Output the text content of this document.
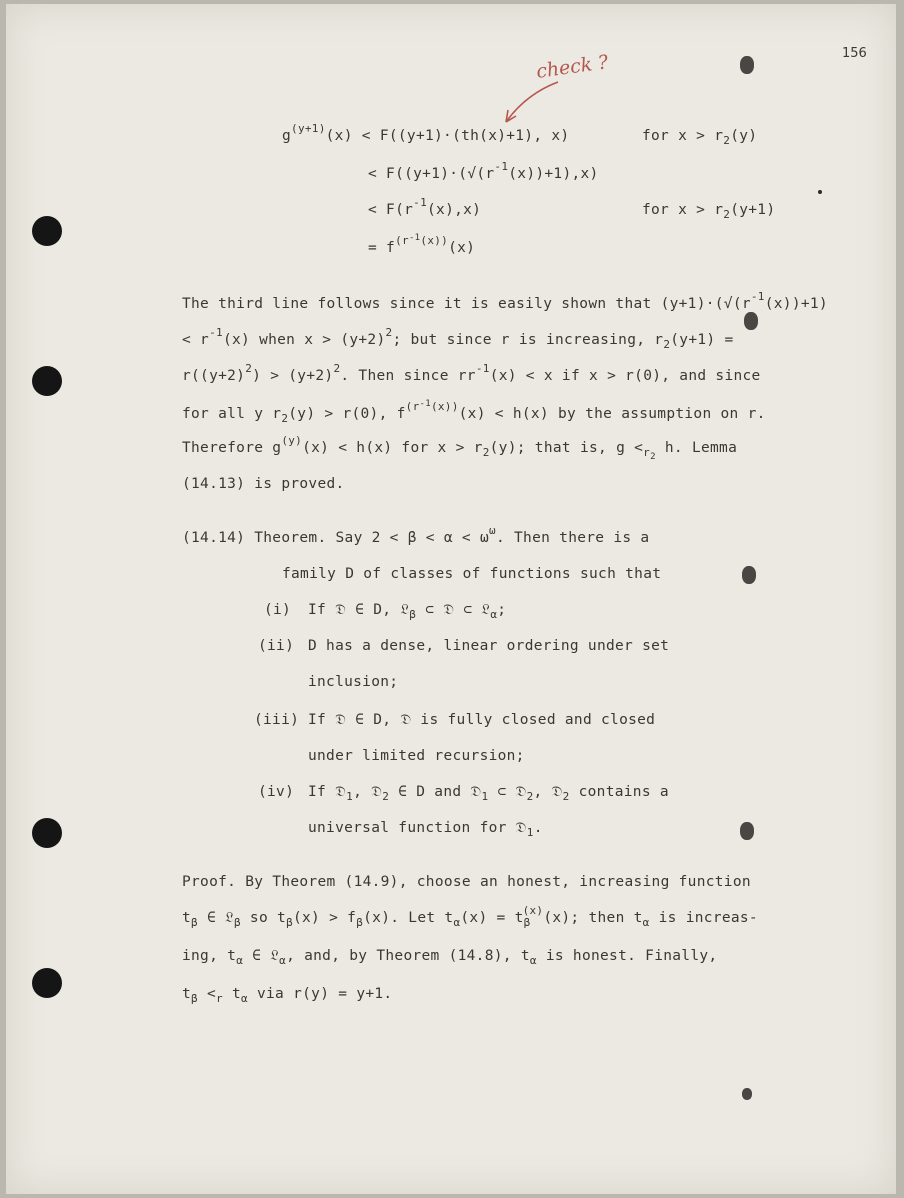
156
check ?
$g^{(y+1)}(x) < F((y+1)\cdot(th(x)+1)$, x)	for $x > r_2(y)$
< $F((y+1)\cdot(√(r^{-1}(x))+1),x)$
< $F(r^{-1}(x),x)$	for $x > r_2(y+1)$
= $f^{(r^{-1}(x))}(x)$
The third line follows since it is easily shown that $(y+1)\cdot(√(r^{-1}(x))+1)$
< $r^{-1}(x)$ when $x > (y+2)^2$; but since r is increasing, $r_2(y+1)$ =
$r((y+2)^2) > (y+2)^2$. Then since $rr^{-1}(x) < x$ if x > r(0), and since
for all y $r_2(y) > r(0)$, $f^{(r^{-1}(x))}(x) < h(x)$ by the assumption on r.
Therefore $g^{(y)}(x) < h(x)$ for $x > r_2(y)$; that is, $g <_{r_2}$ h. Lemma
(14.13) is proved.
(14.14) Theorem. Say $2 < \beta < \alpha < \omega^\omega$. Then there is a
family D of classes of functions such that
(i) If 𝔇 ∈ D, 𝔏$_\beta$ ⊂ 𝔇 ⊂ 𝔏$_\alpha$;
(ii) D has a dense, linear ordering under set
inclusion;
(iii) If 𝔇 ∈ D, 𝔇 is fully closed and closed
under limited recursion;
(iv) If 𝔇$_1$, 𝔇$_2$ ∈ D and 𝔇$_1$ ⊂ 𝔇$_2$, 𝔇$_2$ contains a
universal function for 𝔇$_1$.
Proof. By Theorem (14.9), choose an honest, increasing function
$t_\beta$ ∈ 𝔏$_\beta$ so $t_\beta(x) > f_\beta(x)$. Let $t_\alpha(x) = t_\beta^{(x)}(x)$; then $t_\alpha$ is increas-
ing, $t_\alpha$ ∈ 𝔏$_\alpha$, and, by Theorem (14.8), $t_\alpha$ is honest. Finally,
$t_\beta <_r$ $t_\alpha$ via r(y) = y+1.
